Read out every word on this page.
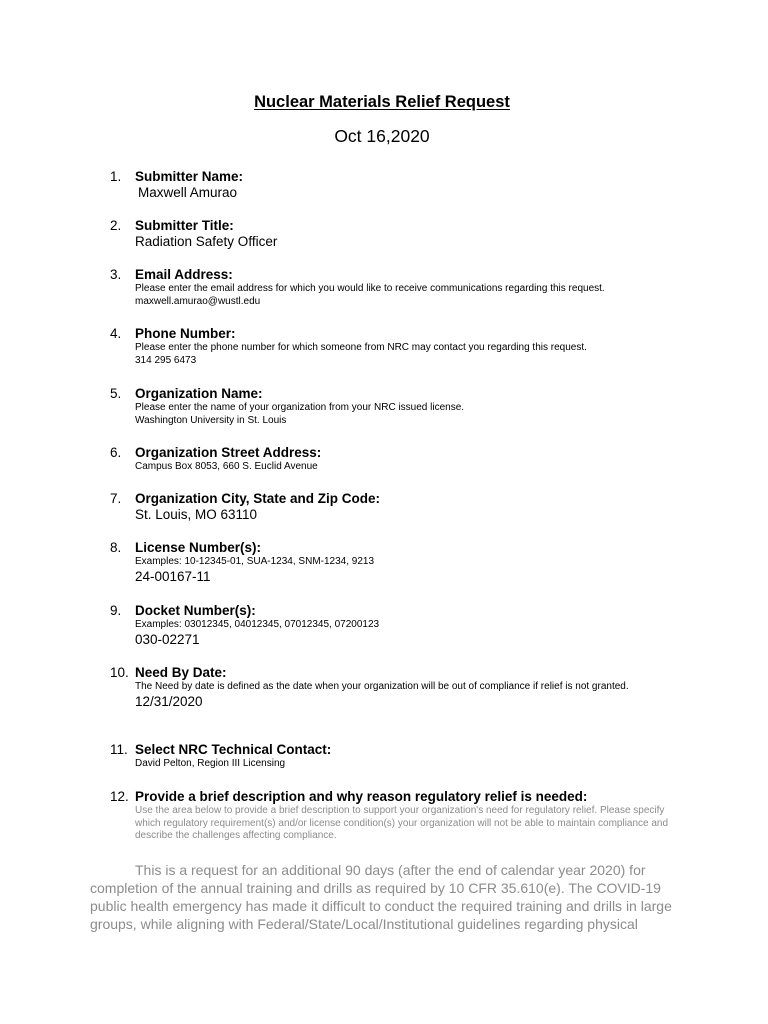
Nuclear Materials Relief Request
Oct 16,2020
1.	Submitter Name:
Maxwell Amurao
2.	Submitter Title:
Radiation Safety Officer
3.	Email Address:
Please enter the email address for which you would like to receive communications regarding this request.
maxwell.amurao@wustl.edu
4.	Phone Number:
Please enter the phone number for which someone from NRC may contact you regarding this request.
314 295 6473
5.	Organization Name:
Please enter the name of your organization from your NRC issued license.
Washington University in St. Louis
6.	Organization Street Address:
Campus Box 8053, 660 S. Euclid Avenue
7.	Organization City, State and Zip Code:
St. Louis, MO 63110
8.	License Number(s):
Examples: 10-12345-01, SUA-1234, SNM-1234, 9213
24-00167-11
9.	Docket Number(s):
Examples: 03012345, 04012345, 07012345, 07200123
030-02271
10. Need By Date:
The Need by date is defined as the date when your organization will be out of compliance if relief is not granted.
12/31/2020
11. Select NRC Technical Contact:
David Pelton, Region III Licensing
12. Provide a brief description and why reason regulatory relief is needed:
Use the area below to provide a brief description to support your organization's need for regulatory relief. Please specify which regulatory requirement(s) and/or license condition(s) your organization will not be able to maintain compliance and describe the challenges affecting compliance.

This is a request for an additional 90 days (after the end of calendar year 2020) for completion of the annual training and drills as required by 10 CFR 35.610(e). The COVID-19 public health emergency has made it difficult to conduct the required training and drills in large groups, while aligning with Federal/State/Local/Institutional guidelines regarding physical
